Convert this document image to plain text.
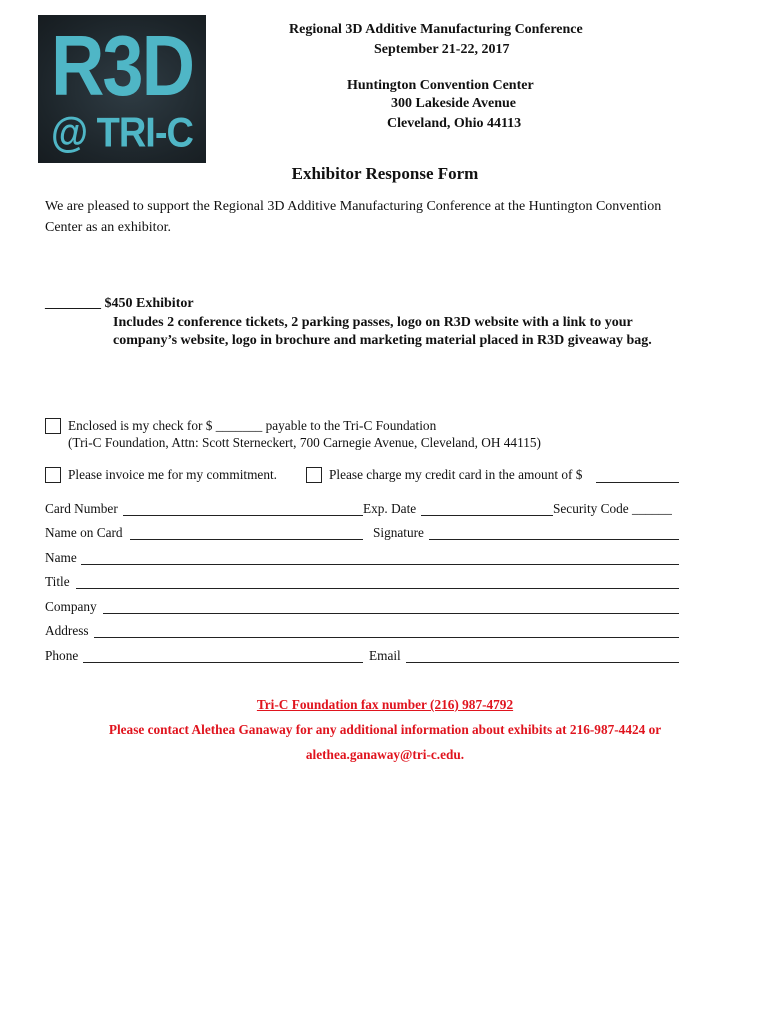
R3D
@ TRI-C
Regional 3D Additive Manufacturing Conference
September 21-22, 2017
Huntington Convention Center
300 Lakeside Avenue
Cleveland, Ohio 44113
Exhibitor Response Form
We are pleased to support the Regional 3D Additive Manufacturing Conference at the Huntington Convention
Center as an exhibitor.
________ $450 Exhibitor
Includes 2 conference tickets, 2 parking passes, logo on R3D website with a link to your
company’s website, logo in brochure and marketing material placed in R3D giveaway bag.
Enclosed is my check for $ _______ payable to the Tri-C Foundation
(Tri-C Foundation, Attn: Scott Sterneckert, 700 Carnegie Avenue, Cleveland, OH 44115)
Please invoice me for my commitment.	Please charge my credit card in the amount of $
Card Number	Exp. Date	Security Code ______
Name on Card	Signature
Name
Title
Company
Address
Phone	Email
Tri-C Foundation fax number (216) 987-4792
Please contact Alethea Ganaway for any additional information about exhibits at 216-987-4424 or
alethea.ganaway@tri-c.edu.
